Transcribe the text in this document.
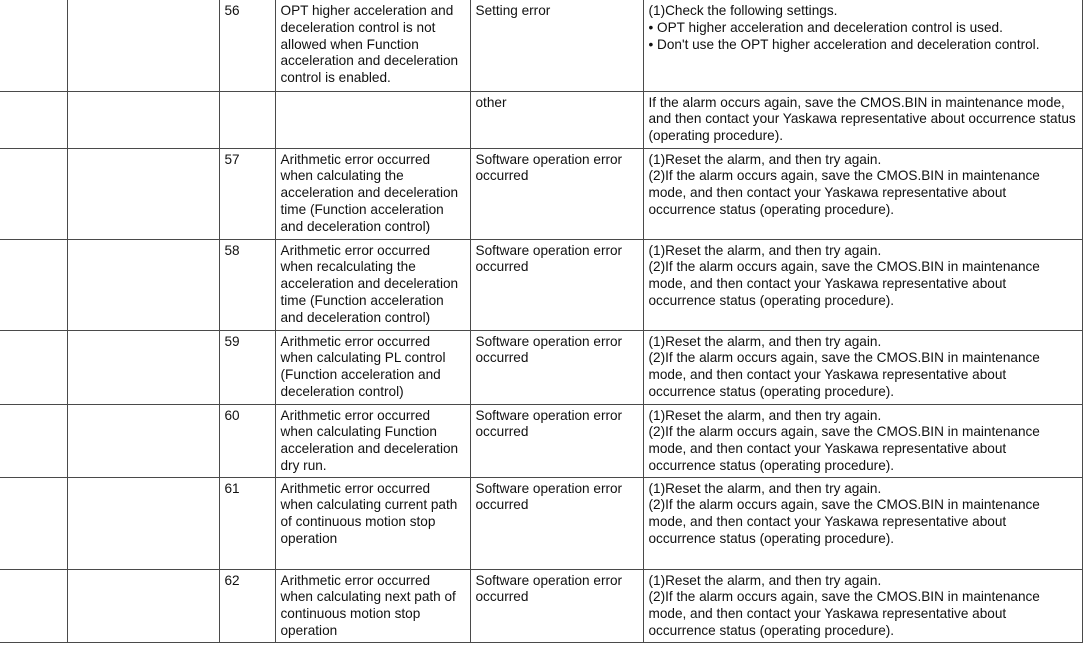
		56	OPT higher acceleration and deceleration control is not allowed when Function acceleration and deceleration control is enabled.	Setting error	(1)Check the following settings.
• OPT higher acceleration and deceleration control is used.
• Don't use the OPT higher acceleration and deceleration control.

				other	If the alarm occurs again, save the CMOS.BIN in maintenance mode, and then contact your Yaskawa representative about occurrence status (operating procedure).

		57	Arithmetic error occurred when calculating the acceleration and deceleration time (Function acceleration and deceleration control)	Software operation error occurred	(1)Reset the alarm, and then try again.
(2)If the alarm occurs again, save the CMOS.BIN in maintenance mode, and then contact your Yaskawa representative about occurrence status (operating procedure).

		58	Arithmetic error occurred when recalculating the acceleration and deceleration time (Function acceleration and deceleration control)	Software operation error occurred	(1)Reset the alarm, and then try again.
(2)If the alarm occurs again, save the CMOS.BIN in maintenance mode, and then contact your Yaskawa representative about occurrence status (operating procedure).

		59	Arithmetic error occurred when calculating PL control (Function acceleration and deceleration control)	Software operation error occurred	(1)Reset the alarm, and then try again.
(2)If the alarm occurs again, save the CMOS.BIN in maintenance mode, and then contact your Yaskawa representative about occurrence status (operating procedure).

		60	Arithmetic error occurred when calculating Function acceleration and deceleration dry run.	Software operation error occurred	(1)Reset the alarm, and then try again.
(2)If the alarm occurs again, save the CMOS.BIN in maintenance mode, and then contact your Yaskawa representative about occurrence status (operating procedure).

		61	Arithmetic error occurred when calculating current path of continuous motion stop operation	Software operation error occurred	(1)Reset the alarm, and then try again.
(2)If the alarm occurs again, save the CMOS.BIN in maintenance mode, and then contact your Yaskawa representative about occurrence status (operating procedure).

		62	Arithmetic error occurred when calculating next path of continuous motion stop operation	Software operation error occurred	(1)Reset the alarm, and then try again.
(2)If the alarm occurs again, save the CMOS.BIN in maintenance mode, and then contact your Yaskawa representative about occurrence status (operating procedure).
